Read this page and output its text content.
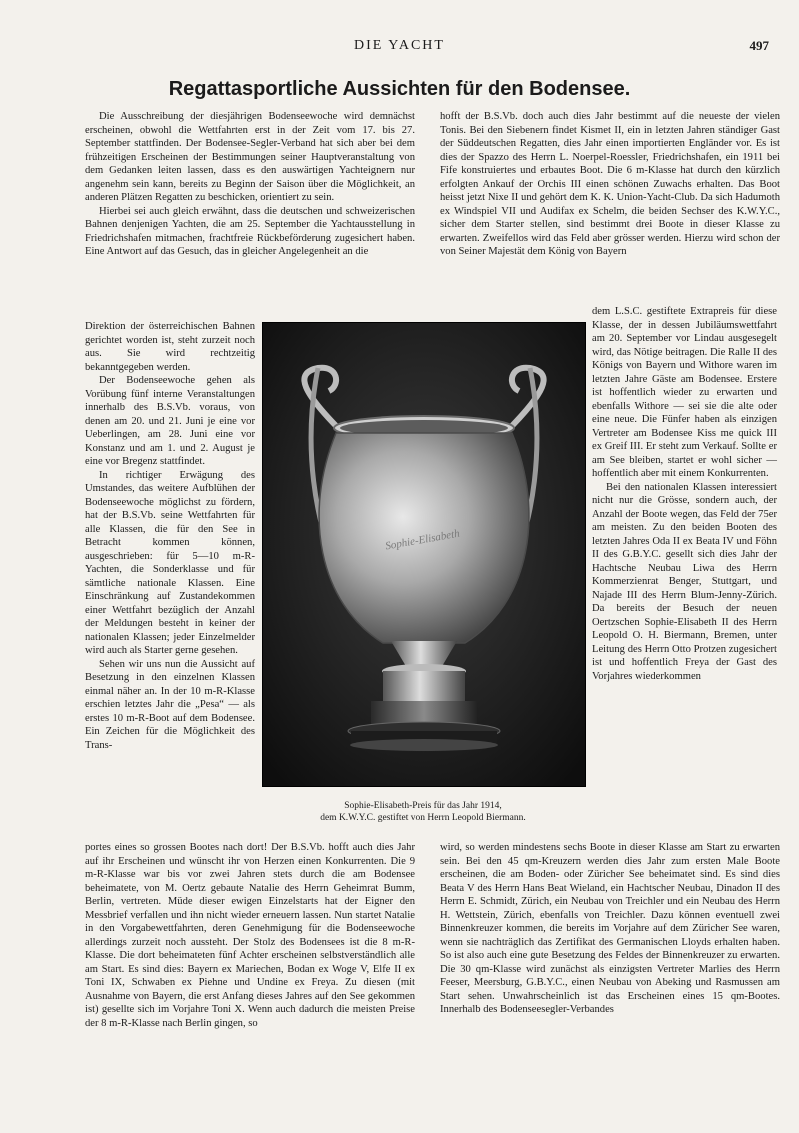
DIE YACHT	497
Regattasportliche Aussichten für den Bodensee.

Die Ausschreibung der diesjährigen Bodenseewoche wird demnächst erscheinen, obwohl die Wettfahrten erst in der Zeit vom 17. bis 27. September stattfinden. Der Bodensee-Segler-Verband hat sich aber bei dem frühzeitigen Erscheinen der Bestimmungen seiner Hauptveranstaltung von dem Gedanken leiten lassen, dass es den auswärtigen Yachteignern nur angenehm sein kann, bereits zu Beginn der Saison über die Möglichkeit, an anderen Plätzen Regatten zu beschicken, orientiert zu sein.

Hierbei sei auch gleich erwähnt, dass die deutschen und schweizerischen Bahnen denjenigen Yachten, die am 25. September die Yachtausstellung in Friedrichshafen mitmachen, frachtfreie Rückbeförderung zugesichert haben. Eine Antwort auf das Gesuch, das in gleicher Angelegenheit an die

hofft der B.S.Vb. doch auch dies Jahr bestimmt auf die neueste der vielen Tonis. Bei den Siebenern findet Kismet II, ein in letzten Jahren ständiger Gast der Süddeutschen Regatten, dies Jahr einen importierten Engländer vor. Es ist dies der Spazzo des Herrn L. Noerpel-Roessler, Friedrichshafen, ein 1911 bei Fife konstruiertes und erbautes Boot. Die 6 m-Klasse hat durch den kürzlich erfolgten Ankauf der Orchis III einen schönen Zuwachs erhalten. Das Boot heisst jetzt Nixe II und gehört dem K. K. Union-Yacht-Club. Da sich Hadumoth ex Windspiel VII und Audifax ex Schelm, die beiden Sechser des K.W.Y.C., sicher dem Starter stellen, sind bestimmt drei Boote in dieser Klasse zu erwarten. Zweifellos wird das Feld aber grösser werden. Hierzu wird schon der von Seiner Majestät dem König von Bayern

Direktion der österreichischen Bahnen gerichtet worden ist, steht zurzeit noch aus. Sie wird rechtzeitig bekanntgegeben werden.

Der Bodenseewoche gehen als Vorübung fünf interne Veranstaltungen innerhalb des B.S.Vb. voraus, von denen am 20. und 21. Juni je eine vor Ueberlingen, am 28. Juni eine vor Konstanz und am 1. und 2. August je eine vor Bregenz stattfindet.

In richtiger Erwägung des Umstandes, das weitere Aufblühen der Bodenseewoche möglichst zu fördern, hat der B.S.Vb. seine Wettfahrten für alle Klassen, die für den See in Betracht kommen können, ausgeschrieben: für 5—10 m-R-Yachten, die Sonderklasse und für sämtliche nationale Klassen. Eine Einschränkung auf Zustandekommen einer Wettfahrt bezüglich der Anzahl der Meldungen besteht in keiner der nationalen Klassen; jeder Einzelmelder wird auch als Starter gerne gesehen.

Sehen wir uns nun die Aussicht auf Besetzung in den einzelnen Klassen einmal näher an. In der 10 m-R-Klasse erschien letztes Jahr die „Pesa“ — als erstes 10 m-R-Boot auf dem Bodensee. Ein Zeichen für die Möglichkeit des Trans-

dem L.S.C. gestiftete Extrapreis für diese Klasse, der in dessen Jubiläumswettfahrt am 20. September vor Lindau ausgesegelt wird, das Nötige beitragen. Die Ralle II des Königs von Bayern und Withore waren im letzten Jahre Gäste am Bodensee. Erstere ist hoffentlich wieder zu erwarten und ebenfalls Withore — sei sie die alte oder eine neue. Die Fünfer haben als einzigen Vertreter am Bodensee Kiss me quick III ex Greif III. Er steht zum Verkauf. Sollte er am See bleiben, startet er wohl sicher — hoffentlich aber mit einem Konkurrenten.

Bei den nationalen Klassen interessiert nicht nur die Grösse, sondern auch, der Anzahl der Boote wegen, das Feld der 75er am meisten. Zu den beiden Booten des letzten Jahres Oda II ex Beata IV und Föhn II des G.B.Y.C. gesellt sich dies Jahr der Hachtsche Neubau Liwa des Herrn Kommerzienrat Benger, Stuttgart, und Najade III des Herrn Blum-Jenny-Zürich. Da bereits der Besuch der neuen Oertzschen Sophie-Elisabeth II des Herrn Leopold O. H. Biermann, Bremen, unter Leitung des Herrn Otto Protzen zugesichert ist und hoffentlich Freya der Gast des Vorjahres wiederkommen

Sophie-Elisabeth
Sophie-Elisabeth-Preis für das Jahr 1914,
dem K.W.Y.C. gestiftet von Herrn Leopold Biermann.

portes eines so grossen Bootes nach dort! Der B.S.Vb. hofft auch dies Jahr auf ihr Erscheinen und wünscht ihr von Herzen einen Konkurrenten. Die 9 m-R-Klasse war bis vor zwei Jahren stets durch die am Bodensee beheimatete, von M. Oertz gebaute Natalie des Herrn Geheimrat Bumm, Berlin, vertreten. Müde dieser ewigen Einzelstarts hat der Eigner den Messbrief verfallen und ihn nicht wieder erneuern lassen. Nun startet Natalie in den Vorgabewettfahrten, deren Genehmigung für die Bodenseewoche allerdings zurzeit noch aussteht. Der Stolz des Bodensees ist die 8 m-R-Klasse. Die dort beheimateten fünf Achter erscheinen selbstverständlich alle am Start. Es sind dies: Bayern ex Mariechen, Bodan ex Woge V, Elfe II ex Toni IX, Schwaben ex Piehne und Undine ex Freya. Zu diesen (mit Ausnahme von Bayern, die erst Anfang dieses Jahres auf den See gekommen ist) gesellte sich im Vorjahre Toni X. Wenn auch dadurch die meisten Preise der 8 m-R-Klasse nach Berlin gingen, so

wird, so werden mindestens sechs Boote in dieser Klasse am Start zu erwarten sein. Bei den 45 qm-Kreuzern werden dies Jahr zum ersten Male Boote erscheinen, die am Boden- oder Züricher See beheimatet sind. Es sind dies Beata V des Herrn Hans Beat Wieland, ein Hachtscher Neubau, Dinadon II des Herrn E. Schmidt, Zürich, ein Neubau von Treichler und ein Neubau des Herrn H. Wettstein, Zürich, ebenfalls von Treichler. Dazu können eventuell zwei Binnenkreuzer kommen, die bereits im Vorjahre auf dem Züricher See waren, wenn sie nachträglich das Zertifikat des Germanischen Lloyds erhalten haben. So ist also auch eine gute Besetzung des Feldes der Binnenkreuzer zu erwarten. Die 30 qm-Klasse wird zunächst als einzigsten Vertreter Marlies des Herrn Feeser, Meersburg, G.B.Y.C., einen Neubau von Abeking und Rasmussen am Start sehen. Unwahrscheinlich ist das Erscheinen eines 15 qm-Bootes. Innerhalb des Bodenseesegler-Verbandes
